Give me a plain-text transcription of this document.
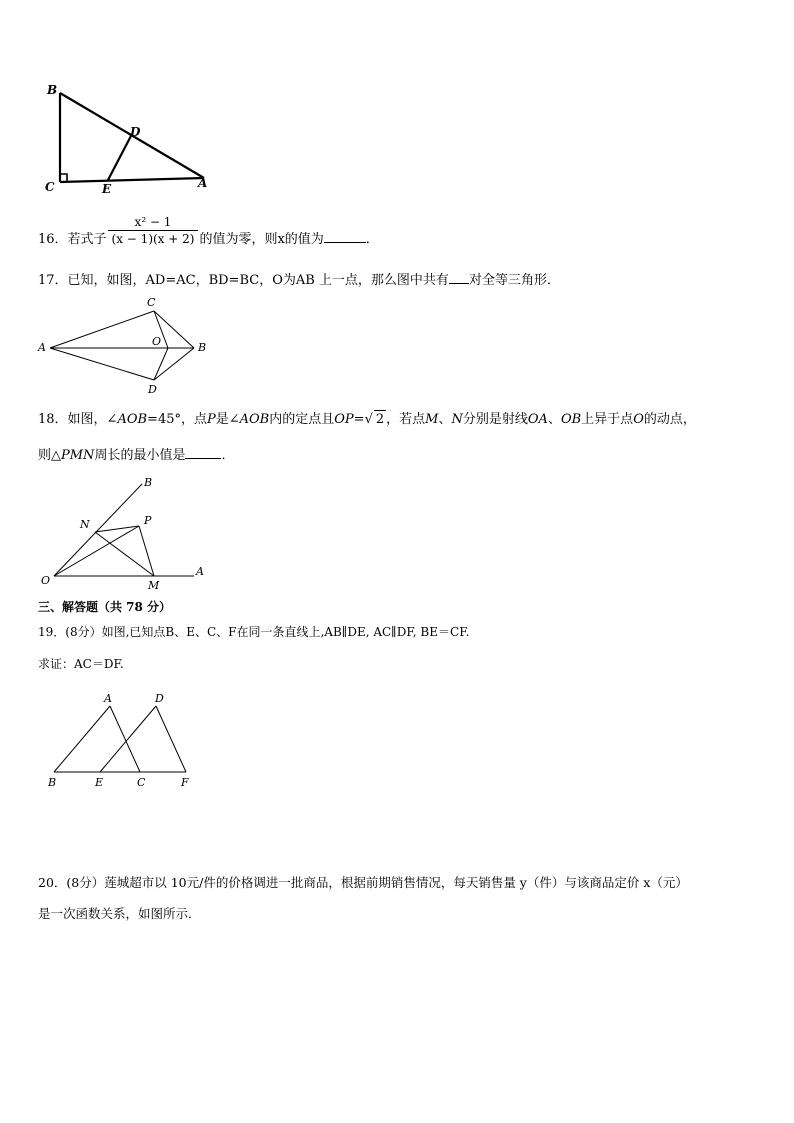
B
D
C	E	A
16．若式子 $\frac{\text{x² − 1}}{(x - 1)(x + 2)}$ 的值为零，则x的值为	．
17．已知，如图，AD=AC，BD=BC，O为AB 上一点，那么图中共有 对全等三角形．
C
A	O	B
D
18．如图，∠AOB=45°，点P是∠AOB内的定点且OP=√ 2 ，若点M、N分别是射线OA、OB上异于点O的动点，
则△PMN周长的最小值是	．
B
N	P
O	M
A
三、解答题（共 78 分）
19．(8分）如图,已知点B、E、C、F在同一条直线上,AB∥DE, AC∥DF, BE＝CF.
求证：AC＝DF.
A	D
B	E	C	F
20．(8分）莲城超市以 10元/件的价格调进一批商品，根据前期销售情况，每天销售量 y（件）与该商品定价 x（元）
是一次函数关系，如图所示．
